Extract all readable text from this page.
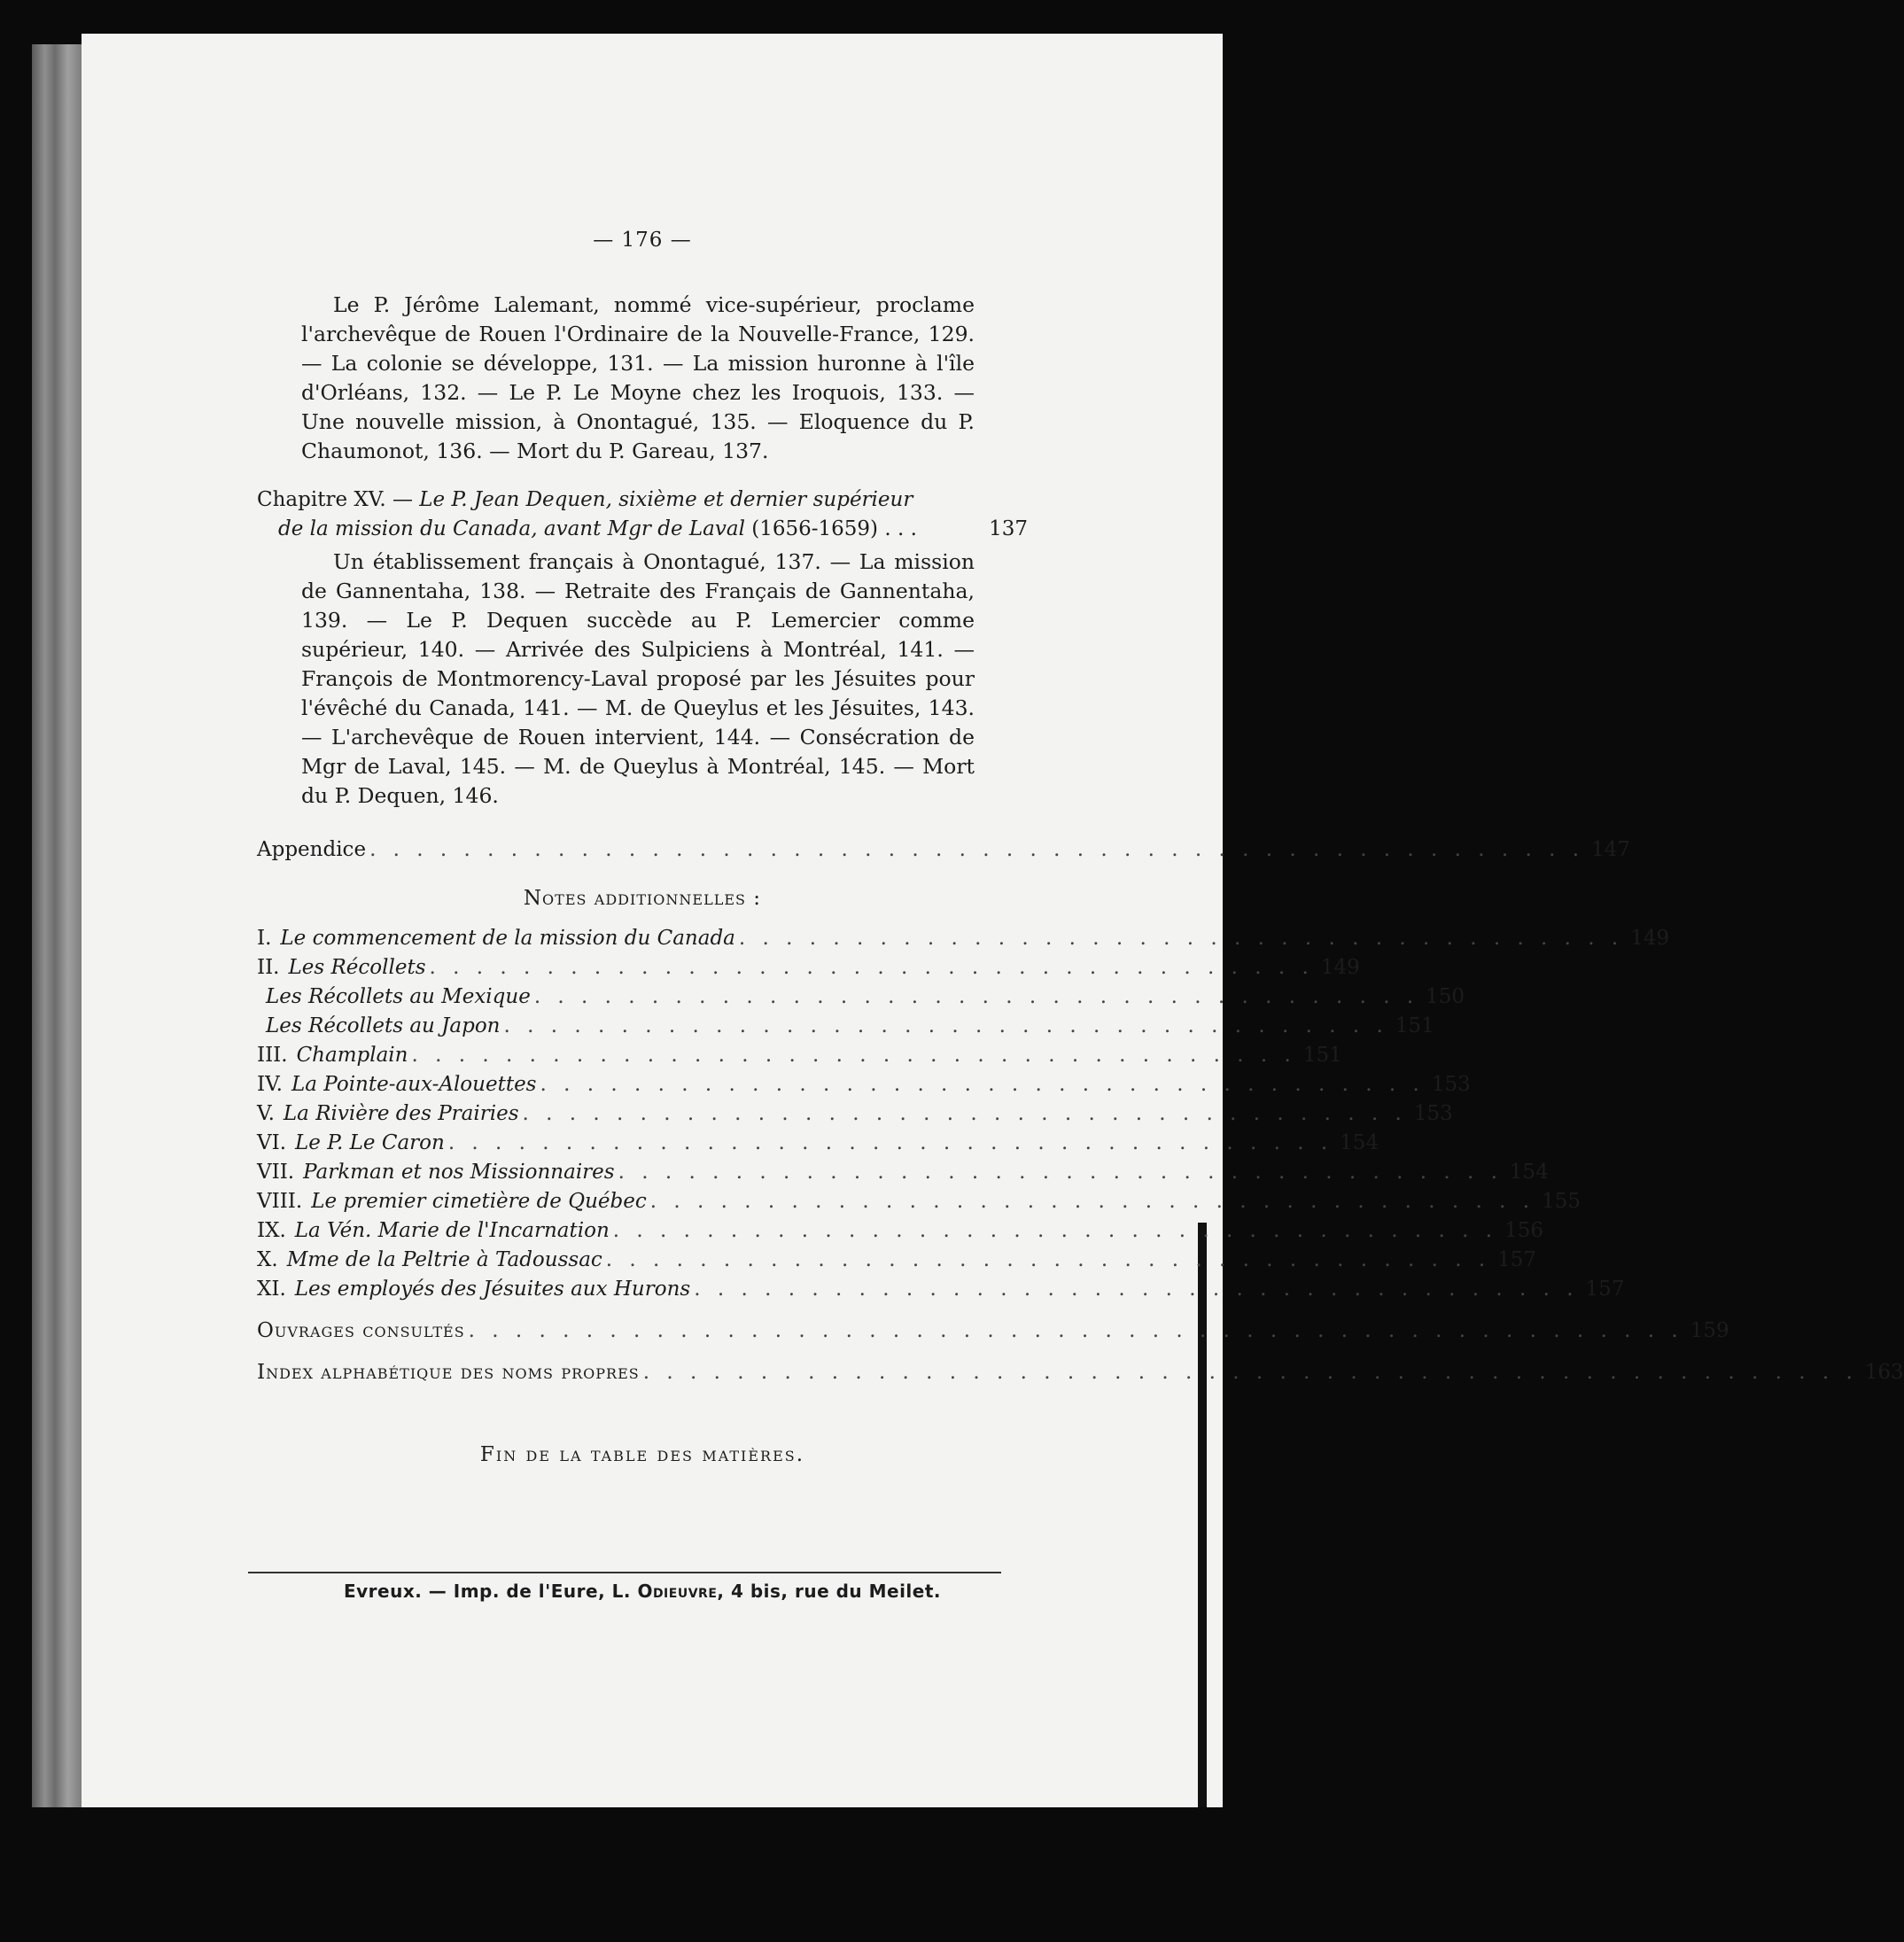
— 176 —
Le P. Jérôme Lalemant, nommé vice-supérieur, proclame l'archevêque de Rouen l'Ordinaire de la Nouvelle-France, 129. — La colonie se développe, 131. — La mission huronne à l'île d'Orléans, 132. — Le P. Le Moyne chez les Iroquois, 133. — Une nouvelle mission, à Onontagué, 135. — Eloquence du P. Chaumonot, 136. — Mort du P. Gareau, 137.
Chapitre XV. — Le P. Jean Dequen, sixième et dernier supérieur
de la mission du Canada, avant Mgr de Laval (1656-1659) . . .	137
Un établissement français à Onontagué, 137. — La mission de Gannentaha, 138. — Retraite des Français de Gannentaha, 139. — Le P. Dequen succède au P. Lemercier comme supérieur, 140. — Arrivée des Sulpiciens à Montréal, 141. — François de Montmorency-Laval proposé par les Jésuites pour l'évêché du Canada, 141. — M. de Queylus et les Jésuites, 143. — L'archevêque de Rouen intervient, 144. — Consécration de Mgr de Laval, 145. — M. de Queylus à Montréal, 145. — Mort du P. Dequen, 146.
Appendice . . . . . . . . . . . . . . . . . . . . . . . . . . . . . . . . . . . . . . . . . . . . . . . . . . . . 147
Notes additionnelles :
I. Le commencement de la mission du Canada . . . . . . . . . . . . . . . . . . . . . . . . . . . . . . . . . . . . . . 149
II. Les Récollets . . . . . . . . . . . . . . . . . . . . . . . . . . . . . . . . . . . . . . 149
Les Récollets au Mexique . . . . . . . . . . . . . . . . . . . . . . . . . . . . . . . . . . . . . . 150
Les Récollets au Japon . . . . . . . . . . . . . . . . . . . . . . . . . . . . . . . . . . . . . . 151
III. Champlain . . . . . . . . . . . . . . . . . . . . . . . . . . . . . . . . . . . . . . 151
IV. La Pointe-aux-Alouettes . . . . . . . . . . . . . . . . . . . . . . . . . . . . . . . . . . . . . . 153
V. La Rivière des Prairies . . . . . . . . . . . . . . . . . . . . . . . . . . . . . . . . . . . . . . 153
VI. Le P. Le Caron . . . . . . . . . . . . . . . . . . . . . . . . . . . . . . . . . . . . . . 154
VII. Parkman et nos Missionnaires . . . . . . . . . . . . . . . . . . . . . . . . . . . . . . . . . . . . . . 154
VIII. Le premier cimetière de Québec . . . . . . . . . . . . . . . . . . . . . . . . . . . . . . . . . . . . . . 155
IX. La Vén. Marie de l'Incarnation . . . . . . . . . . . . . . . . . . . . . . . . . . . . . . . . . . . . . . 156
X. Mme de la Peltrie à Tadoussac . . . . . . . . . . . . . . . . . . . . . . . . . . . . . . . . . . . . . . 157
XI. Les employés des Jésuites aux Hurons . . . . . . . . . . . . . . . . . . . . . . . . . . . . . . . . . . . . . . 157
Ouvrages consultés . . . . . . . . . . . . . . . . . . . . . . . . . . . . . . . . . . . . . . . . . . . . . . . . . . . . 159
Index alphabétique des noms propres . . . . . . . . . . . . . . . . . . . . . . . . . . . . . . . . . . . . . . . . . . . . . . . . . . . . 163
Fin de la table des matières.
Evreux. — Imp. de l'Eure, L. Odieuvre, 4 bis, rue du Meilet.
